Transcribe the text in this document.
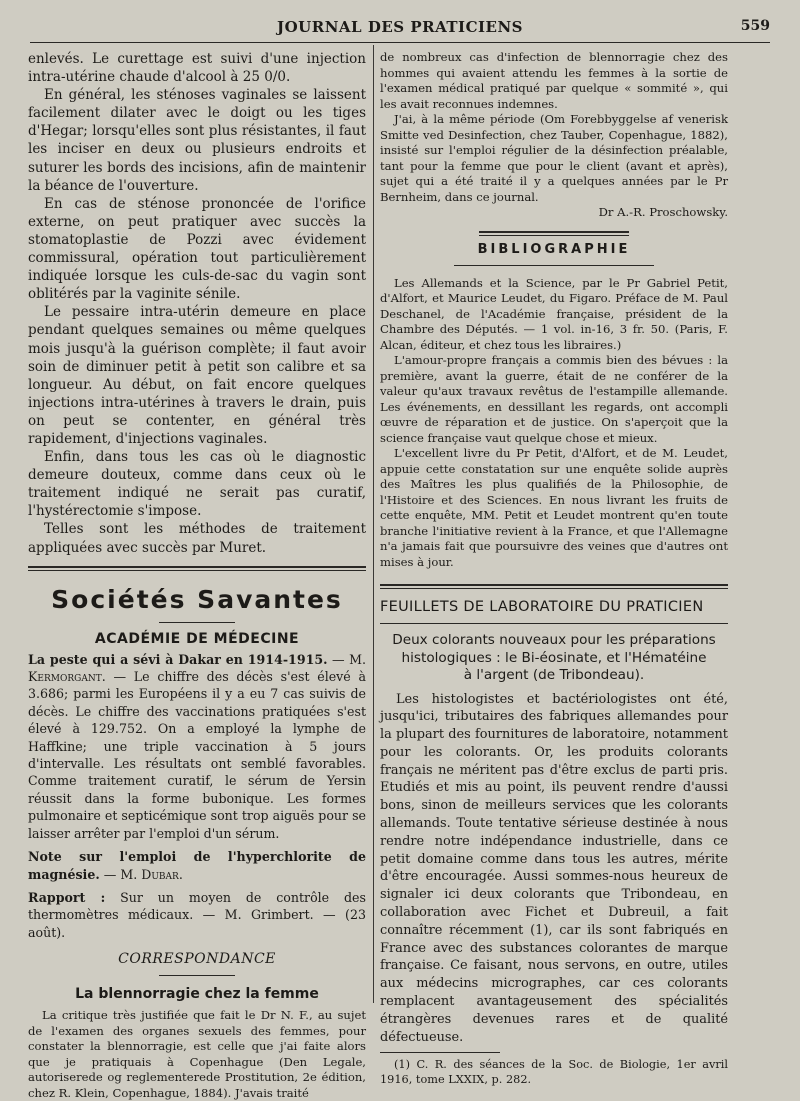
JOURNAL DES PRATICIENS	559

enlevés. Le curettage est suivi d'une injection intra-utérine chaude d'alcool à 25 0/0.

En général, les sténoses vaginales se laissent facilement dilater avec le doigt ou les tiges d'Hegar; lorsqu'elles sont plus résistantes, il faut les inciser en deux ou plusieurs endroits et suturer les bords des incisions, afin de maintenir la béance de l'ouverture.

En cas de sténose prononcée de l'orifice externe, on peut pratiquer avec succès la stomatoplastie de Pozzi avec évidement commissural, opération tout particulièrement indiquée lorsque les culs-de-sac du vagin sont oblitérés par la vaginite sénile.

Le pessaire intra-utérin demeure en place pendant quelques semaines ou même quelques mois jusqu'à la guérison complète; il faut avoir soin de diminuer petit à petit son calibre et sa longueur. Au début, on fait encore quelques injections intra-utérines à travers le drain, puis on peut se contenter, en général très rapidement, d'injections vaginales.

Enfin, dans tous les cas où le diagnostic demeure douteux, comme dans ceux où le traitement indiqué ne serait pas curatif, l'hystérectomie s'impose.

Telles sont les méthodes de traitement appliquées avec succès par Muret.

Sociétés Savantes
ACADÉMIE DE MÉDECINE

La peste qui a sévi à Dakar en 1914-1915. — M. Kermorgant. — Le chiffre des décès s'est élevé à 3.686; parmi les Européens il y a eu 7 cas suivis de décès. Le chiffre des vaccinations pratiquées s'est élevé à 129.752. On a employé la lymphe de Haffkine; une triple vaccination à 5 jours d'intervalle. Les résultats ont semblé favorables. Comme traitement curatif, le sérum de Yersin réussit dans la forme bubonique. Les formes pulmonaire et septicémique sont trop aiguës pour se laisser arrêter par l'emploi d'un sérum.

Note sur l'emploi de l'hyperchlorite de magnésie. — M. Dubar.

Rapport : Sur un moyen de contrôle des thermomètres médicaux. — M. Grimbert. — (23 août).

CORRESPONDANCE
La blennorragie chez la femme

La critique très justifiée que fait le Dr N. F., au sujet de l'examen des organes sexuels des femmes, pour constater la blennorragie, est celle que j'ai faite alors que je pratiquais à Copenhague (Den Legale, autoriserede og reglementerede Prostitution, 2e édition, chez R. Klein, Copenhague, 1884). J'avais traité

de nombreux cas d'infection de blennorragie chez des hommes qui avaient attendu les femmes à la sortie de l'examen médical pratiqué par quelque « sommité », qui les avait reconnues indemnes.

J'ai, à la même période (Om Forebbyggelse af venerisk Smitte ved Desinfection, chez Tauber, Copenhague, 1882), insisté sur l'emploi régulier de la désinfection préalable, tant pour la femme que pour le client (avant et après), sujet qui a été traité il y a quelques années par le Pr Bernheim, dans ce journal.

Dr A.-R. Proschowsky.
BIBLIOGRAPHIE

Les Allemands et la Science, par le Pr Gabriel Petit, d'Alfort, et Maurice Leudet, du Figaro. Préface de M. Paul Deschanel, de l'Académie française, président de la Chambre des Députés. — 1 vol. in-16, 3 fr. 50. (Paris, F. Alcan, éditeur, et chez tous les libraires.)

L'amour-propre français a commis bien des bévues : la première, avant la guerre, était de ne conférer de la valeur qu'aux travaux revêtus de l'estampille allemande. Les événements, en dessillant les regards, ont accompli œuvre de réparation et de justice. On s'aperçoit que la science française vaut quelque chose et mieux.

L'excellent livre du Pr Petit, d'Alfort, et de M. Leudet, appuie cette constatation sur une enquête solide auprès des Maîtres les plus qualifiés de la Philosophie, de l'Histoire et des Sciences. En nous livrant les fruits de cette enquête, MM. Petit et Leudet montrent qu'en toute branche l'initiative revient à la France, et que l'Allemagne n'a jamais fait que poursuivre des veines que d'autres ont mises à jour.

FEUILLETS DE LABORATOIRE DU PRATICIEN
Deux colorants nouveaux pour les préparations
histologiques : le Bi-éosinate, et l'Hématéine
à l'argent (de Tribondeau).

Les histologistes et bactériologistes ont été, jusqu'ici, tributaires des fabriques allemandes pour la plupart des fournitures de laboratoire, notamment pour les colorants. Or, les produits colorants français ne méritent pas d'être exclus de parti pris. Etudiés et mis au point, ils peuvent rendre d'aussi bons, sinon de meilleurs services que les colorants allemands. Toute tentative sérieuse destinée à nous rendre notre indépendance industrielle, dans ce petit domaine comme dans tous les autres, mérite d'être encouragée. Aussi sommes-nous heureux de signaler ici deux colorants que Tribondeau, en collaboration avec Fichet et Dubreuil, a fait connaître récemment (1), car ils sont fabriqués en France avec des substances colorantes de marque française. Ce faisant, nous servons, en outre, utiles aux médecins micrographes, car ces colorants remplacent avantageusement des spécialités étrangères devenues rares et de qualité défectueuse.

(1) C. R. des séances de la Soc. de Biologie, 1er avril 1916, tome LXXIX, p. 282.
